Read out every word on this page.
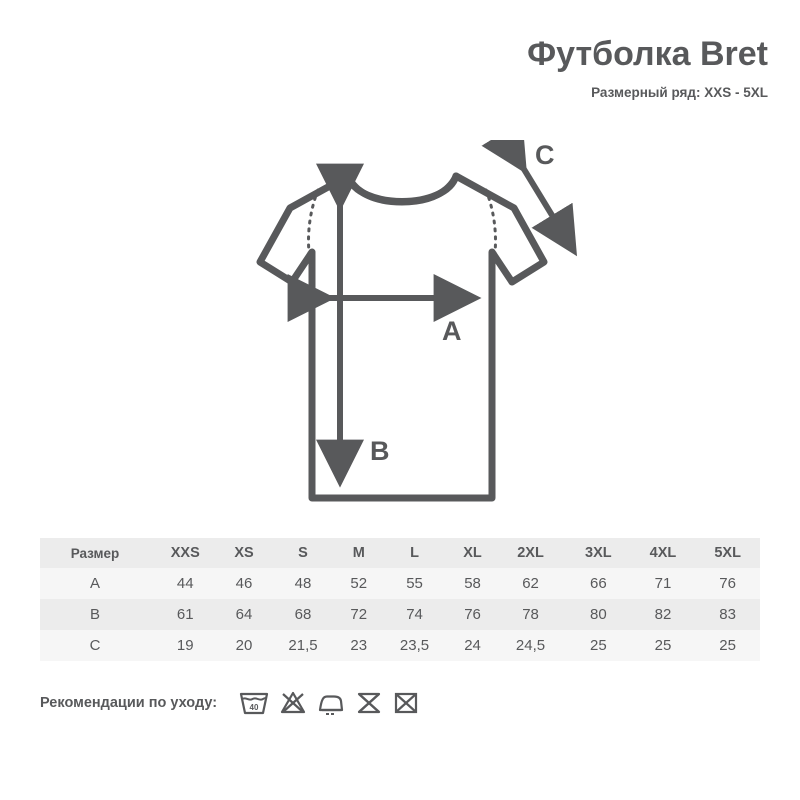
Футболка Bret
Размерный ряд: XXS - 5XL
A
B
C
Размер	XXS	XS	S	M	L	XL	2XL	3XL	4XL	5XL
A	44	46	48	52	55	58	62	66	71	76
B	61	64	68	72	74	76	78	80	82	83
C	19	20	21,5	23	23,5	24	24,5	25	25	25
Рекомендации по уходу:	40
